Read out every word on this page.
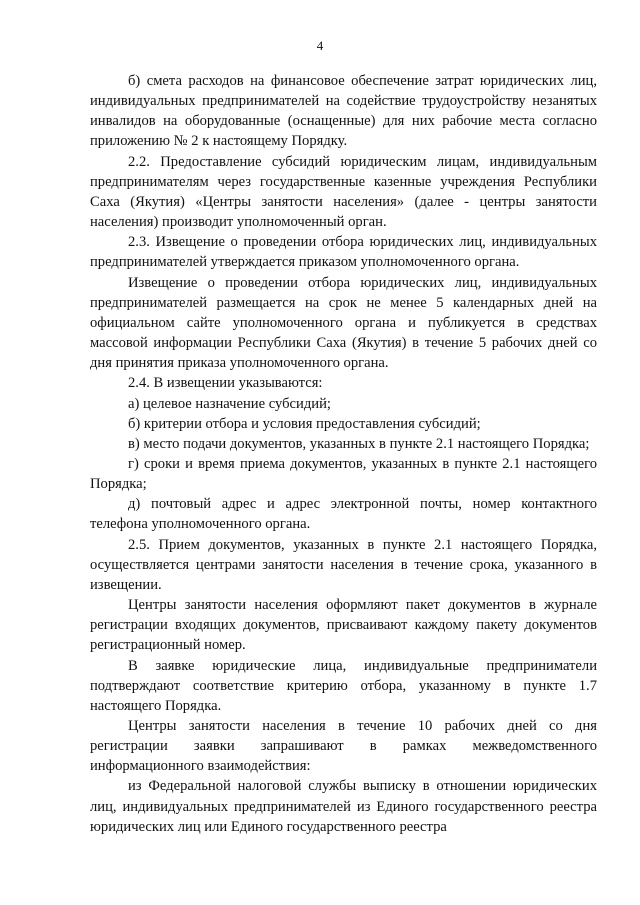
4

б) смета расходов на финансовое обеспечение затрат юридических лиц, индивидуальных предпринимателей на содействие трудоустройству незанятых инвалидов на оборудованные (оснащенные) для них рабочие места согласно приложению № 2 к настоящему Порядку.

2.2. Предоставление субсидий юридическим лицам, индивидуальным предпринимателям через государственные казенные учреждения Республики Саха (Якутия) «Центры занятости населения» (далее - центры занятости населения) производит уполномоченный орган.

2.3. Извещение о проведении отбора юридических лиц, индивидуальных предпринимателей утверждается приказом уполномоченного органа.

Извещение о проведении отбора юридических лиц, индивидуальных предпринимателей размещается на срок не менее 5 календарных дней на официальном сайте уполномоченного органа и публикуется в средствах массовой информации Республики Саха (Якутия) в течение 5 рабочих дней со дня принятия приказа уполномоченного органа.

2.4. В извещении указываются:

а) целевое назначение субсидий;

б) критерии отбора и условия предоставления субсидий;

в) место подачи документов, указанных в пункте 2.1 настоящего Порядка;

г) сроки и время приема документов, указанных в пункте 2.1 настоящего Порядка;

д) почтовый адрес и адрес электронной почты, номер контактного телефона уполномоченного органа.

2.5. Прием документов, указанных в пункте 2.1 настоящего Порядка, осуществляется центрами занятости населения в течение срока, указанного в извещении.

Центры занятости населения оформляют пакет документов в журнале регистрации входящих документов, присваивают каждому пакету документов регистрационный номер.

В заявке юридические лица, индивидуальные предприниматели подтверждают соответствие критерию отбора, указанному в пункте 1.7 настоящего Порядка.

Центры занятости населения в течение 10 рабочих дней со дня регистрации заявки запрашивают в рамках межведомственного информационного взаимодействия:

из Федеральной налоговой службы выписку в отношении юридических лиц, индивидуальных предпринимателей из Единого государственного реестра юридических лиц или Единого государственного реестра
